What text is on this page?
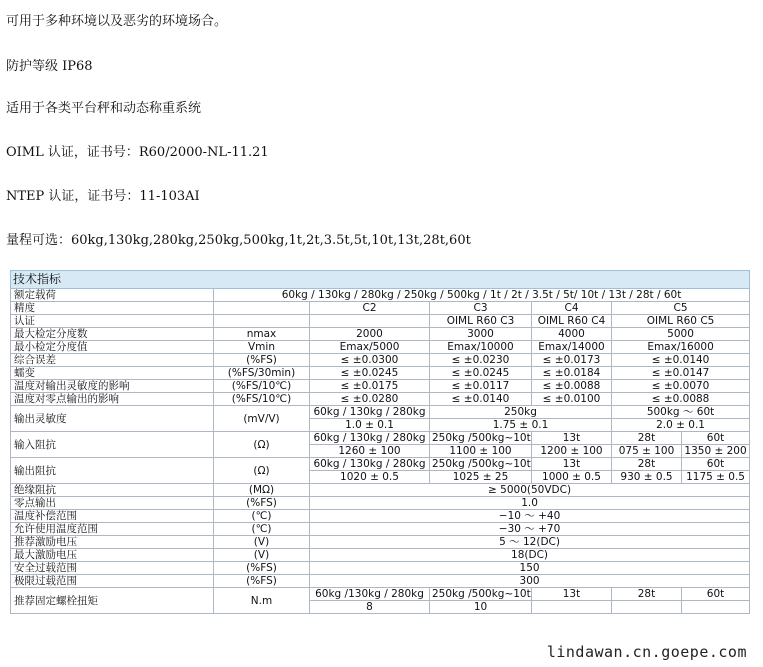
可用于多种环境以及恶劣的环境场合。
防护等级 IP68
适用于各类平台秤和动态称重系统
OIML 认证，证书号：R60/2000-NL-11.21
NTEP 认证，证书号：11-103AI
量程可选：60kg,130kg,280kg,250kg,500kg,1t,2t,3.5t,5t,10t,13t,28t,60t
技术指标						
额定载荷	60kg / 130kg / 280kg / 250kg / 500kg / 1t / 2t / 3.5t / 5t/ 10t / 13t / 28t / 60t					
精度		C2	C3	C4	C5	
认证			OIML R60 C3	OIML R60 C4	OIML R60 C5	
最大检定分度数	nmax	2000	3000	4000	5000	
最小检定分度值	Vmin	Emax/5000	Emax/10000	Emax/14000	Emax/16000	
综合误差	(%FS)	≤ ±0.0300	≤ ±0.0230	≤ ±0.0173	≤ ±0.0140	
蠕变	(%FS/30min)	≤ ±0.0245	≤ ±0.0245	≤ ±0.0184	≤ ±0.0147	
温度对输出灵敏度的影响	(%FS/10℃)	≤ ±0.0175	≤ ±0.0117	≤ ±0.0088	≤ ±0.0070	
温度对零点输出的影响	(%FS/10℃)	≤ ±0.0280	≤ ±0.0140	≤ ±0.0100	≤ ±0.0088	
输出灵敏度	(mV/V)	60kg / 130kg / 280kg	250kg		500kg ～ 60t	
		1.0 ± 0.1	1.75 ± 0.1		2.0 ± 0.1	
输入阻抗	(Ω)	60kg / 130kg / 280kg	250kg /500kg~10t	13t	28t	60t
		1260 ± 100	1100 ± 100	1200 ± 100	075 ± 100	1350 ± 200
输出阻抗	(Ω)	60kg / 130kg / 280kg	250kg /500kg~10t	13t	28t	60t
		1020 ± 0.5	1025 ± 25	1000 ± 0.5	930 ± 0.5	1175 ± 0.5
绝缘阻抗	(MΩ)	≥ 5000(50VDC)				
零点输出	(%FS)	1.0				
温度补偿范围	(℃)	−10 ～ +40				
允许使用温度范围	(℃)	−30 ～ +70				
推荐激励电压	(V)	5 ～ 12(DC)				
最大激励电压	(V)	18(DC)				
安全过载范围	(%FS)	150				
极限过载范围	(%FS)	300				
推荐固定螺栓扭矩	N.m	60kg /130kg / 280kg	250kg /500kg~10t	13t	28t	60t
		8	10			
lindawan.cn.goepe.com
